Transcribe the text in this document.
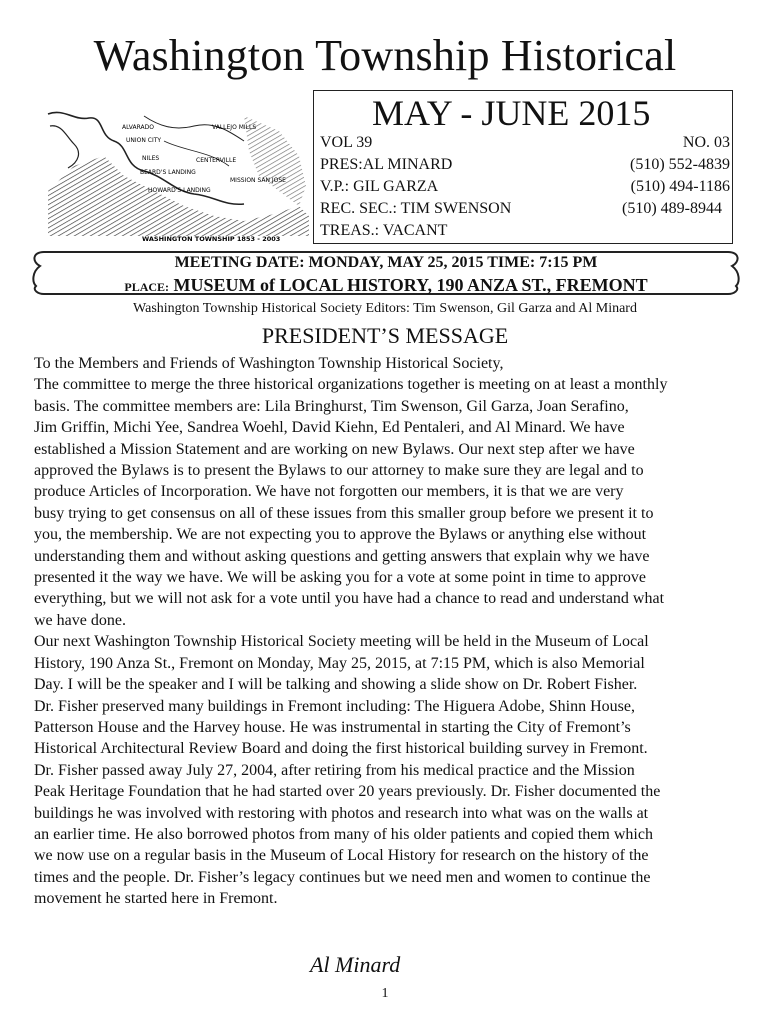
Washington Township Historical
ALVARADO	VALLEJO MILLS
UNION CITY
NILES	CENTERVILLE
BEARD'S LANDING
MISSION SAN JOSE
HOWARD'S LANDING
WASHINGTON TOWNSHIP 1853 - 2003
MAY - JUNE 2015
VOL 39	NO. 03
PRES:AL MINARD	(510) 552-4839
V.P.: GIL GARZA	(510) 494-1186
REC. SEC.: TIM SWENSON	(510) 489-8944
TREAS.: VACANT
MEETING DATE: MONDAY, MAY 25, 2015 TIME: 7:15 PM
PLACE: MUSEUM of LOCAL HISTORY, 190 ANZA ST., FREMONT
Washington Township Historical Society Editors: Tim Swenson, Gil Garza and Al Minard
PRESIDENT’S MESSAGE

To the Members and Friends of Washington Township Historical Society,

The committee to merge the three historical organizations together is meeting on at least a monthly

basis. The committee members are: Lila Bringhurst, Tim Swenson, Gil Garza, Joan Serafino,

Jim Griffin, Michi Yee, Sandrea Woehl, David Kiehn, Ed Pentaleri, and Al Minard. We have

established a Mission Statement and are working on new Bylaws. Our next step after we have

approved the Bylaws is to present the Bylaws to our attorney to make sure they are legal and to

produce Articles of Incorporation. We have not forgotten our members, it is that we are very

busy trying to get consensus on all of these issues from this smaller group before we present it to

you, the membership. We are not expecting you to approve the Bylaws or anything else without

understanding them and without asking questions and getting answers that explain why we have

presented it the way we have. We will be asking you for a vote at some point in time to approve

everything, but we will not ask for a vote until you have had a chance to read and understand what

we have done.

Our next Washington Township Historical Society meeting will be held in the Museum of Local

History, 190 Anza St., Fremont on Monday, May 25, 2015, at 7:15 PM, which is also Memorial

Day. I will be the speaker and I will be talking and showing a slide show on Dr. Robert Fisher.

Dr. Fisher preserved many buildings in Fremont including: The Higuera Adobe, Shinn House,

Patterson House and the Harvey house. He was instrumental in starting the City of Fremont’s

Historical Architectural Review Board and doing the first historical building survey in Fremont.

Dr. Fisher passed away July 27, 2004, after retiring from his medical practice and the Mission

Peak Heritage Foundation that he had started over 20 years previously. Dr. Fisher documented the

buildings he was involved with restoring with photos and research into what was on the walls at

an earlier time. He also borrowed photos from many of his older patients and copied them which

we now use on a regular basis in the Museum of Local History for research on the history of the

times and the people. Dr. Fisher’s legacy continues but we need men and women to continue the

movement he started here in Fremont.

Al Minard
1
